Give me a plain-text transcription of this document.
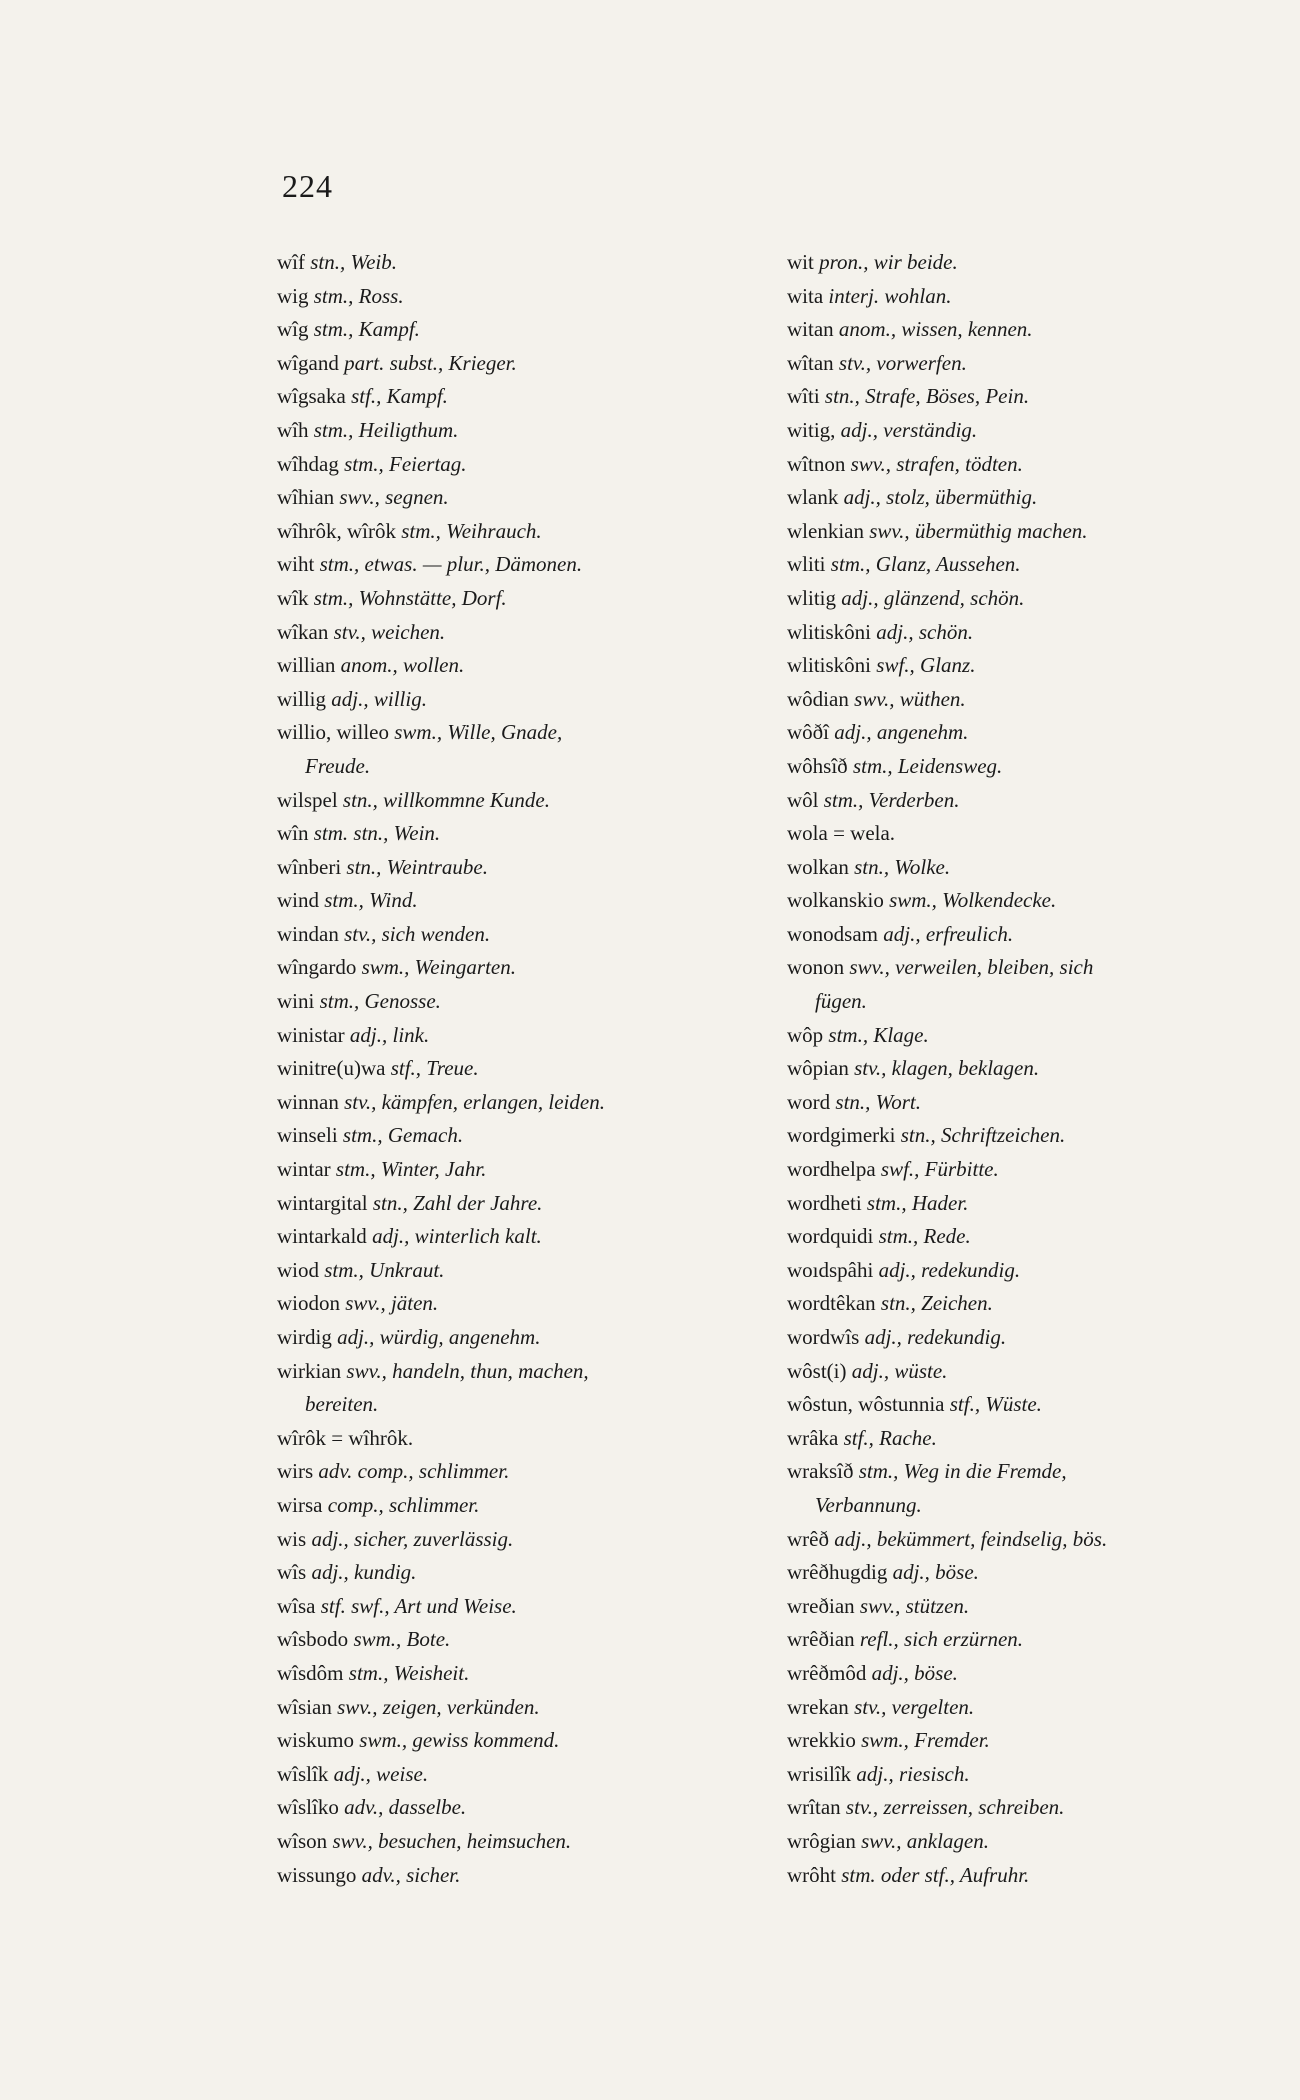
224
wîf stn., Weib.
wig stm., Ross.
wîg stm., Kampf.
wîgand part. subst., Krieger.
wîgsaka stf., Kampf.
wîh stm., Heiligthum.
wîhdag stm., Feiertag.
wîhian swv., segnen.
wîhrôk, wîrôk stm., Weihrauch.
wiht stm., etwas. — plur., Dämonen.
wîk stm., Wohnstätte, Dorf.
wîkan stv., weichen.
willian anom., wollen.
willig adj., willig.
willio, willeo swm., Wille, Gnade,
Freude.
wilspel stn., willkommne Kunde.
wîn stm. stn., Wein.
wînberi stn., Weintraube.
wind stm., Wind.
windan stv., sich wenden.
wîngardo swm., Weingarten.
wini stm., Genosse.
winistar adj., link.
winitre(u)wa stf., Treue.
winnan stv., kämpfen, erlangen, leiden.
winseli stm., Gemach.
wintar stm., Winter, Jahr.
wintargital stn., Zahl der Jahre.
wintarkald adj., winterlich kalt.
wiod stm., Unkraut.
wiodon swv., jäten.
wirdig adj., würdig, angenehm.
wirkian swv., handeln, thun, machen,
bereiten.
wîrôk = wîhrôk.
wirs adv. comp., schlimmer.
wirsa comp., schlimmer.
wis adj., sicher, zuverlässig.
wîs adj., kundig.
wîsa stf. swf., Art und Weise.
wîsbodo swm., Bote.
wîsdôm stm., Weisheit.
wîsian swv., zeigen, verkünden.
wiskumo swm., gewiss kommend.
wîslîk adj., weise.
wîslîko adv., dasselbe.
wîson swv., besuchen, heimsuchen.
wissungo adv., sicher.
wit pron., wir beide.
wita interj. wohlan.
witan anom., wissen, kennen.
wîtan stv., vorwerfen.
wîti stn., Strafe, Böses, Pein.
witig, adj., verständig.
wîtnon swv., strafen, tödten.
wlank adj., stolz, übermüthig.
wlenkian swv., übermüthig machen.
wliti stm., Glanz, Aussehen.
wlitig adj., glänzend, schön.
wlitiskôni adj., schön.
wlitiskôni swf., Glanz.
wôdian swv., wüthen.
wôðî adj., angenehm.
wôhsîð stm., Leidensweg.
wôl stm., Verderben.
wola = wela.
wolkan stn., Wolke.
wolkanskio swm., Wolkendecke.
wonodsam adj., erfreulich.
wonon swv., verweilen, bleiben, sich
fügen.
wôp stm., Klage.
wôpian stv., klagen, beklagen.
word stn., Wort.
wordgimerki stn., Schriftzeichen.
wordhelpa swf., Fürbitte.
wordheti stm., Hader.
wordquidi stm., Rede.
woıdspâhi adj., redekundig.
wordtêkan stn., Zeichen.
wordwîs adj., redekundig.
wôst(i) adj., wüste.
wôstun, wôstunnia stf., Wüste.
wrâka stf., Rache.
wraksîð stm., Weg in die Fremde,
Verbannung.
wrêð adj., bekümmert, feindselig, bös.
wrêðhugdig adj., böse.
wreðian swv., stützen.
wrêðian refl., sich erzürnen.
wrêðmôd adj., böse.
wrekan stv., vergelten.
wrekkio swm., Fremder.
wrisilîk adj., riesisch.
wrîtan stv., zerreissen, schreiben.
wrôgian swv., anklagen.
wrôht stm. oder stf., Aufruhr.
